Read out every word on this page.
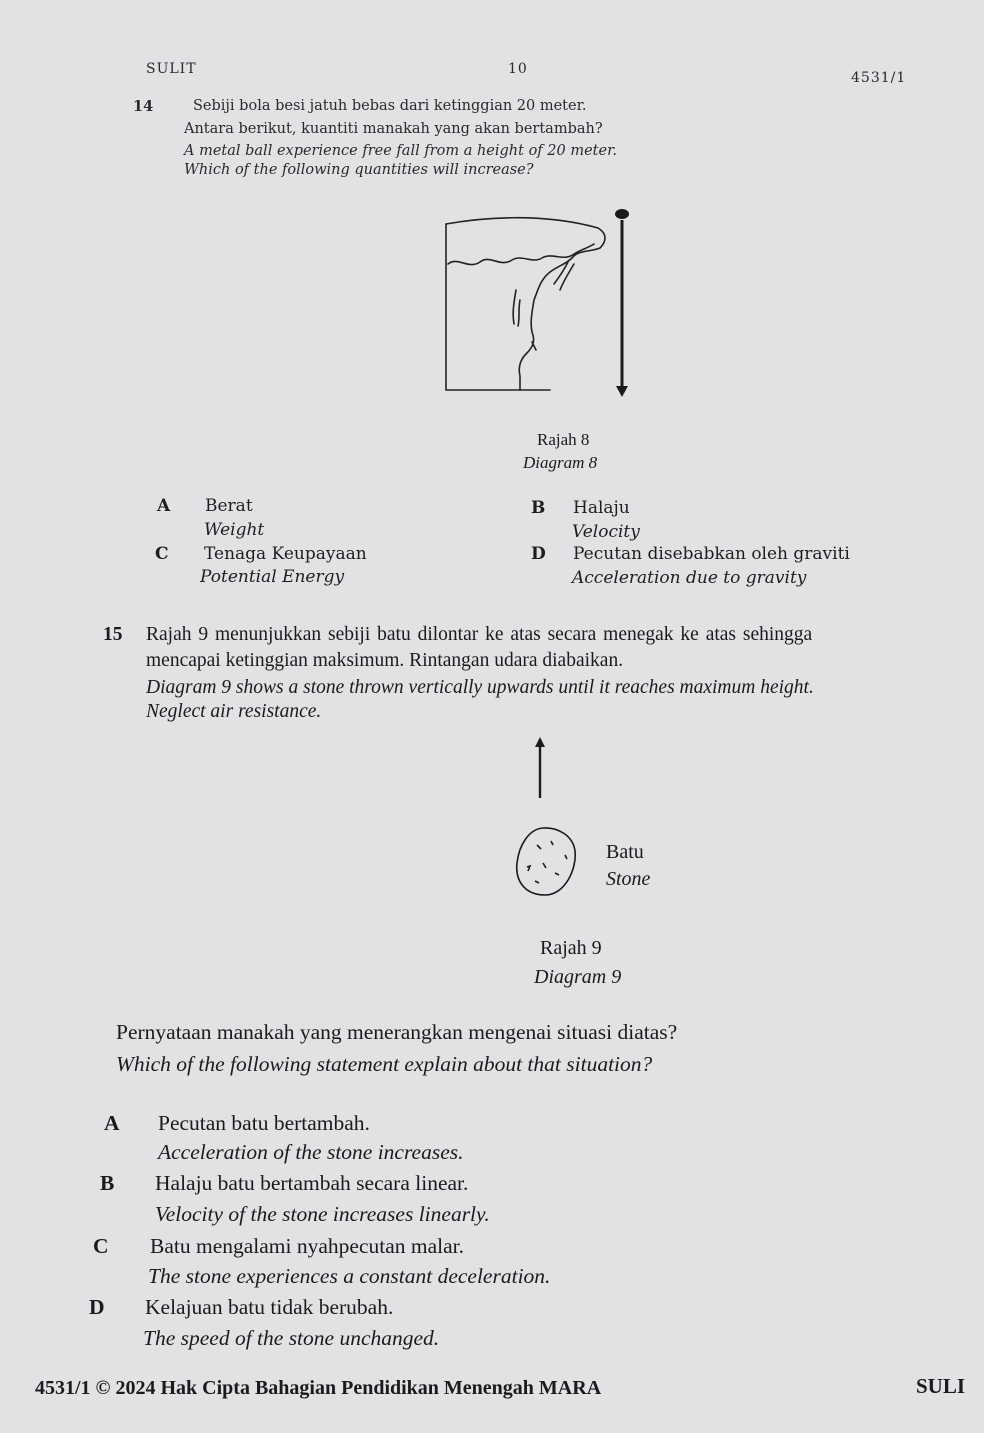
SULIT	10
4531/1
14	Sebiji bola besi jatuh bebas dari ketinggian 20 meter.
Antara berikut, kuantiti manakah yang akan bertambah?
A metal ball experience free fall from a height of 20 meter.
Which of the following quantities will increase?
Rajah 8
Diagram 8
A Berat
Weight
B Halaju
Velocity
C Tenaga Keupayaan
Potential Energy
D Pecutan disebabkan oleh graviti
Acceleration due to gravity
15 Rajah 9 menunjukkan sebiji batu dilontar ke atas secara menegak ke atas sehingga
mencapai ketinggian maksimum. Rintangan udara diabaikan.
Diagram 9 shows a stone thrown vertically upwards until it reaches maximum height.
Neglect air resistance.
Batu
Stone
Rajah 9
Diagram 9
Pernyataan manakah yang menerangkan mengenai situasi diatas?
Which of the following statement explain about that situation?
A Pecutan batu bertambah.
Acceleration of the stone increases.
B Halaju batu bertambah secara linear.
Velocity of the stone increases linearly.
C Batu mengalami nyahpecutan malar.
The stone experiences a constant deceleration.
D Kelajuan batu tidak berubah.
The speed of the stone unchanged.
4531/1 © 2024 Hak Cipta Bahagian Pendidikan Menengah MARA	SULI
